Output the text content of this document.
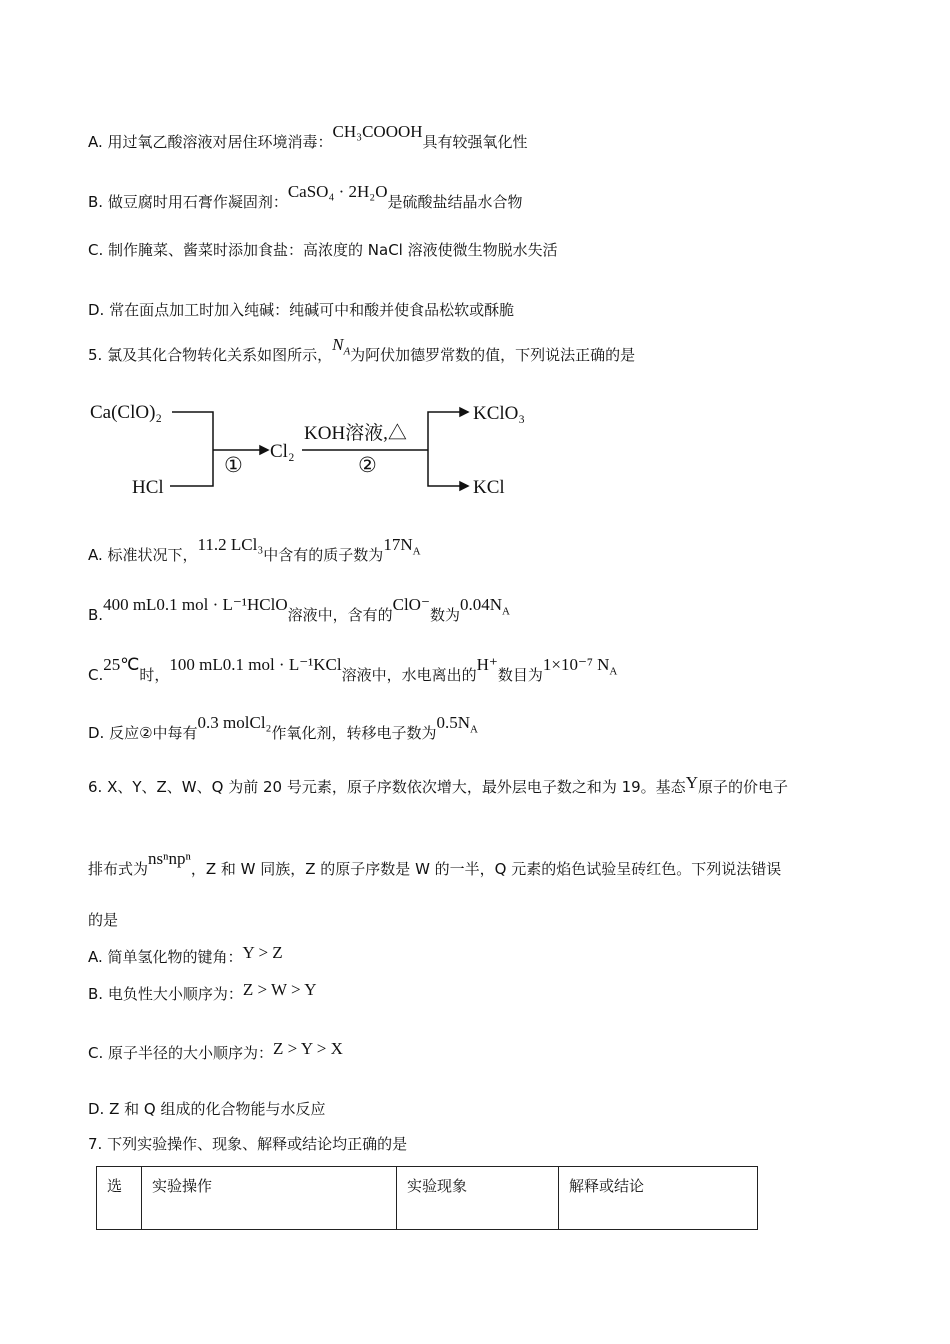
A. 用过氧乙酸溶液对居住环境消毒：CH₃COOOH具有较强氧化性
B. 做豆腐时用石膏作凝固剂：CaSO₄ · 2H₂O是硫酸盐结晶水合物
C. 制作腌菜、酱菜时添加食盐：高浓度的 NaCl 溶液使微生物脱水失活
D. 常在面点加工时加入纯碱：纯碱可中和酸并使食品松软或酥脆
5. 氯及其化合物转化关系如图所示，$N_A$为阿伏加德罗常数的值，下列说法正确的是
Ca(ClO)₂
HCl
Cl₂
KOH溶液,△
KClO₃
KCl
①	②
A. 标准状况下，11.2 LCl₃中含有的质子数为$17N_A$
B.400 mL0.1 mol · L⁻¹HClO溶液中，含有的ClO⁻数为$0.04N_A$
C.25℃时，100 mL0.1 mol · L⁻¹KCl溶液中，水电离出的H⁺数目为1×10⁻⁷ $N_A$
D. 反应②中每有0.3 molCl₂作氧化剂，转移电子数为$0.5N_A$
6. X、Y、Z、W、Q 为前 20 号元素，原子序数依次增大，最外层电子数之和为 19。基态Y原子的价电子
排布式为nsⁿnpⁿ，Z 和 W 同族，Z 的原子序数是 W 的一半，Q 元素的焰色试验呈砖红色。下列说法错误
的是
A. 简单氢化物的键角：Y > Z
B. 电负性大小顺序为：Z > W > Y
C. 原子半径的大小顺序为：Z > Y > X
D. Z 和 Q 组成的化合物能与水反应
7. 下列实验操作、现象、解释或结论均正确的是
选	实验操作	实验现象	解释或结论
